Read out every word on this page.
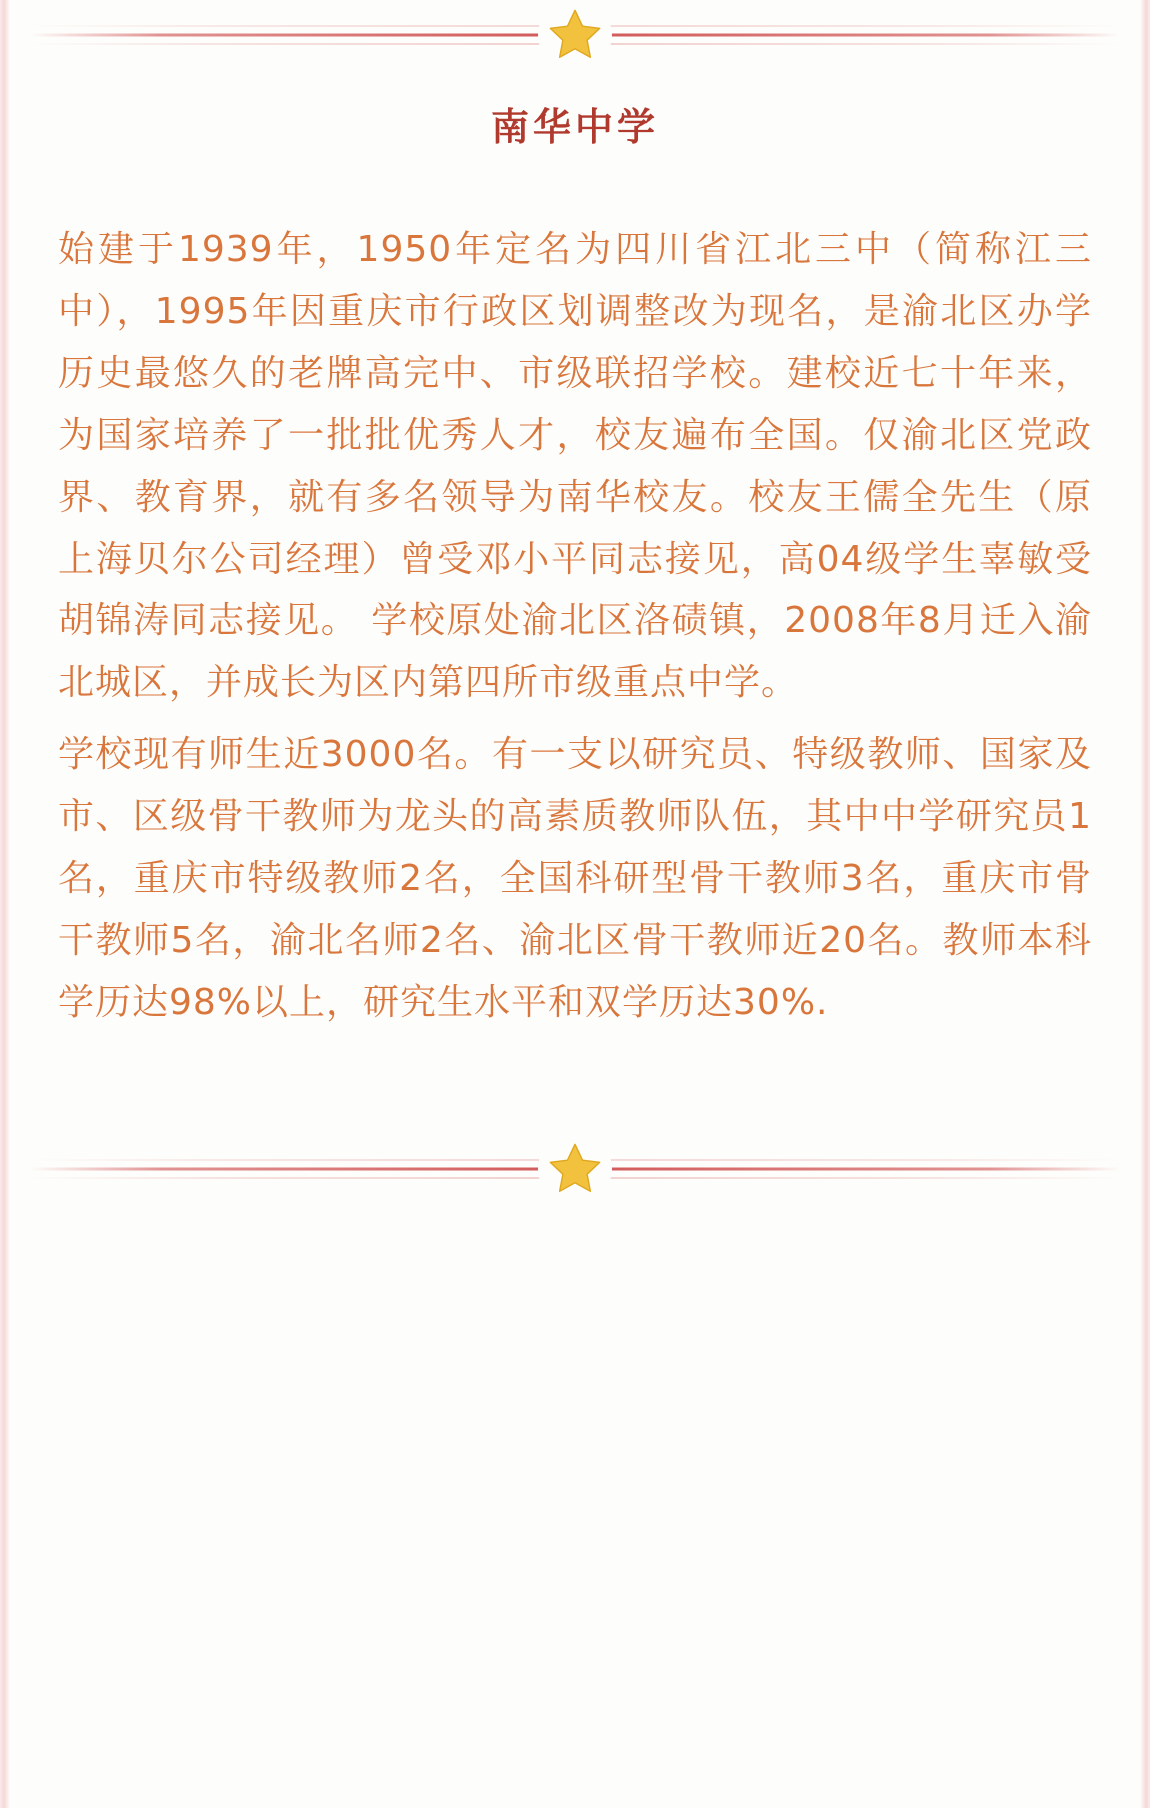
南华中学

始建于1939年，1950年定名为四川省江北三中（简称江三中），1995年因重庆市行政区划调整改为现名，是渝北区办学历史最悠久的老牌高完中、市级联招学校。建校近七十年来，为国家培养了一批批优秀人才，校友遍布全国。仅渝北区党政界、教育界，就有多名领导为南华校友。校友王儒全先生（原上海贝尔公司经理）曾受邓小平同志接见，高04级学生辜敏受胡锦涛同志接见。 学校原处渝北区洛碛镇，2008年8月迁入渝北城区，并成长为区内第四所市级重点中学。

学校现有师生近3000名。有一支以研究员、特级教师、国家及市、区级骨干教师为龙头的高素质教师队伍，其中中学研究员1名，重庆市特级教师2名，全国科研型骨干教师3名，重庆市骨干教师5名，渝北名师2名、渝北区骨干教师近20名。教师本科学历达98%以上，研究生水平和双学历达30%.
